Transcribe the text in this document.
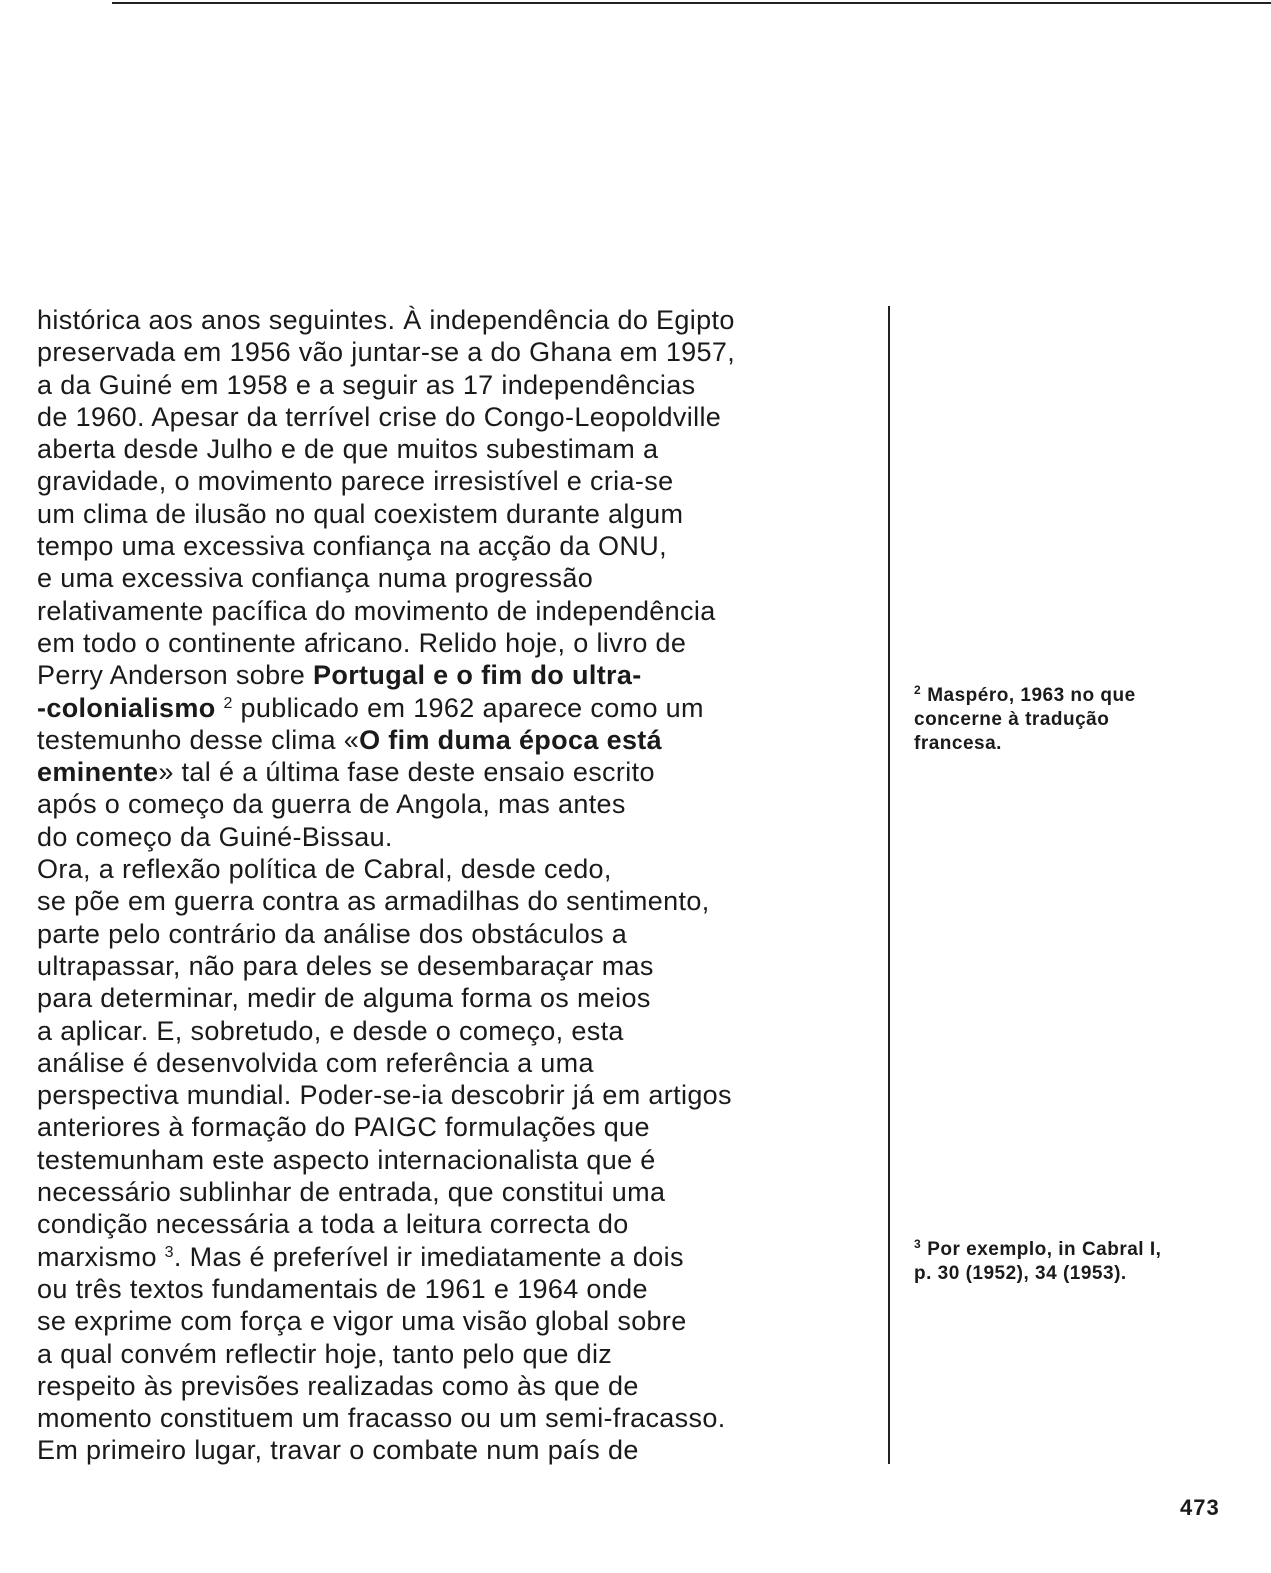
histórica aos anos seguintes. À independência do Egipto
preservada em 1956 vão juntar-se a do Ghana em 1957,
a da Guiné em 1958 e a seguir as 17 independências
de 1960. Apesar da terrível crise do Congo-Leopoldville
aberta desde Julho e de que muitos subestimam a
gravidade, o movimento parece irresistível e cria-se
um clima de ilusão no qual coexistem durante algum
tempo uma excessiva confiança na acção da ONU,
e uma excessiva confiança numa progressão
relativamente pacífica do movimento de independência
em todo o continente africano. Relido hoje, o livro de
Perry Anderson sobre Portugal e o fim do ultra-
-colonialismo $^2$ publicado em 1962 aparece como um
testemunho desse clima «O fim duma época está
eminente» tal é a última fase deste ensaio escrito
após o começo da guerra de Angola, mas antes
do começo da Guiné-Bissau.
Ora, a reflexão política de Cabral, desde cedo,
se põe em guerra contra as armadilhas do sentimento,
parte pelo contrário da análise dos obstáculos a
ultrapassar, não para deles se desembaraçar mas
para determinar, medir de alguma forma os meios
a aplicar. E, sobretudo, e desde o começo, esta
análise é desenvolvida com referência a uma
perspectiva mundial. Poder-se-ia descobrir já em artigos
anteriores à formação do PAIGC formulações que
testemunham este aspecto internacionalista que é
necessário sublinhar de entrada, que constitui uma
condição necessária a toda a leitura correcta do
marxismo $^3$. Mas é preferível ir imediatamente a dois
ou três textos fundamentais de 1961 e 1964 onde
se exprime com força e vigor uma visão global sobre
a qual convém reflectir hoje, tanto pelo que diz
respeito às previsões realizadas como às que de
momento constituem um fracasso ou um semi-fracasso.
Em primeiro lugar, travar o combate num país de
$^2$ Maspéro, 1963 no que
concerne à tradução
francesa.
$^3$ Por exemplo, in Cabral I,
p. 30 (1952), 34 (1953).
473
